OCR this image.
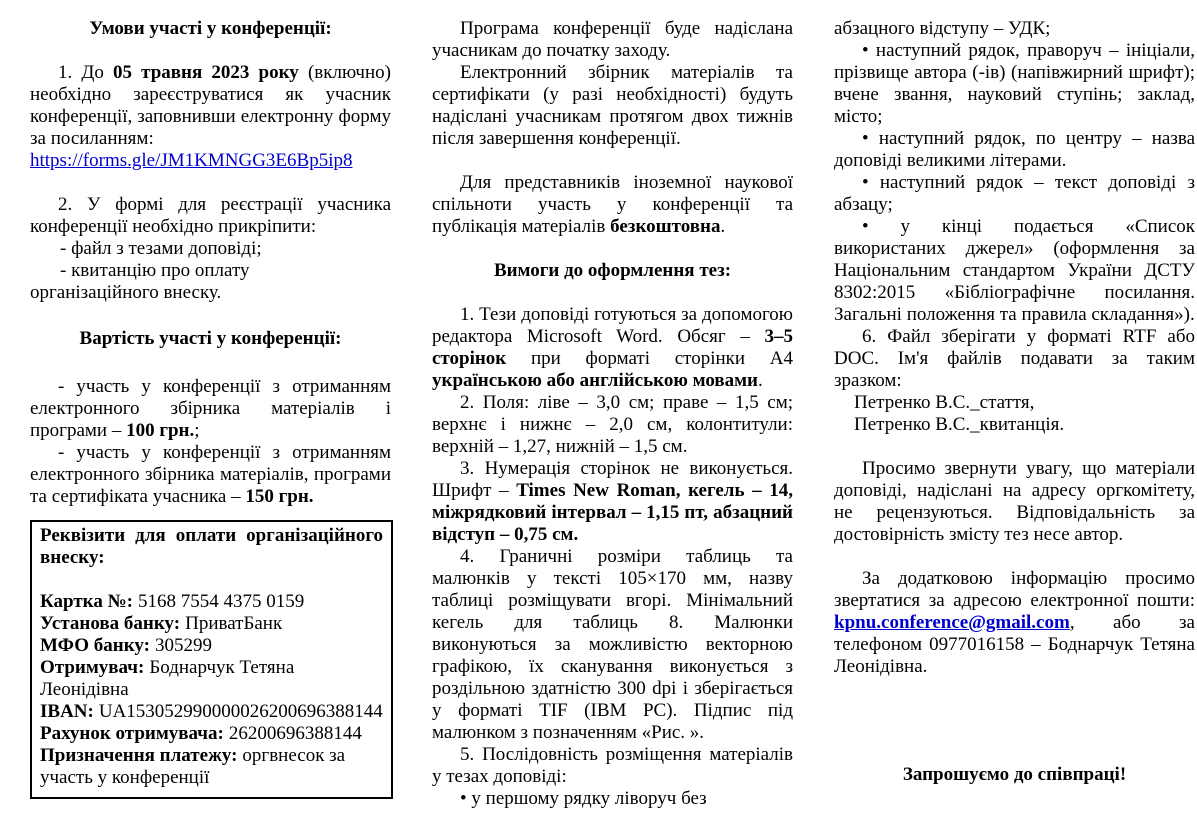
Умови участі у конференції:

1. До 05 травня 2023 року (включно) необхідно зареєструватися як учасник конференції, заповнивши електронну форму за посиланням:

https://forms.gle/JM1KMNGG3E6Bp5ip8

2. У формі для реєстрації учасника конференції необхідно прикріпити:

- файл з тезами доповіді;

- квитанцію про оплату

організаційного внеску.

Вартість участі у конференції:

- участь у конференції з отриманням електронного збірника матеріалів і програми – 100 грн.;

- участь у конференції з отриманням електронного збірника матеріалів, програми та сертифіката учасника – 150 грн.

Реквізити для оплати організаційного внеску:

Картка №: 5168 7554 4375 0159

Установа банку: ПриватБанк

МФО банку: 305299

Отримувач: Боднарчук Тетяна Леонідівна

IBAN: UA153052990000026200696388144

Рахунок отримувача: 26200696388144

Призначення платежу: оргвнесок за участь у конференції

Програма конференції буде надіслана учасникам до початку заходу.

Електронний збірник матеріалів та сертифікати (у разі необхідності) будуть надіслані учасникам протягом двох тижнів після завершення конференції.

Для представників іноземної наукової спільноти участь у конференції та публікація матеріалів безкоштовна.

Вимоги до оформлення тез:

1. Тези доповіді готуються за допомогою редактора Microsoft Word. Обсяг – 3–5 сторінок при форматі сторінки А4 українською або англійською мовами.

2. Поля: ліве – 3,0 см; праве – 1,5 см; верхнє і нижнє – 2,0 см, колонтитули: верхній – 1,27, нижній – 1,5 см.

3. Нумерація сторінок не виконується. Шрифт – Times New Roman, кегель – 14, міжрядковий інтервал – 1,15 пт, абзацний відступ – 0,75 см.

4. Граничні розміри таблиць та малюнків у тексті 105×170 мм, назву таблиці розміщувати вгорі. Мінімальний кегель для таблиць 8. Малюнки виконуються за можливістю векторною графікою, їх сканування виконується з роздільною здатністю 300 dpi і зберігається у форматі TIF (IBM PC). Підпис під малюнком з позначенням «Рис. ».

5. Послідовність розміщення матеріалів у тезах доповіді:

• у першому рядку ліворуч без

абзацного відступу – УДК;

• наступний рядок, праворуч – ініціали, прізвище автора (-ів) (напівжирний шрифт); вчене звання, науковий ступінь; заклад, місто;

• наступний рядок, по центру – назва доповіді великими літерами.

• наступний рядок – текст доповіді з абзацу;

• у кінці подається «Список використаних джерел» (оформлення за Національним стандартом України ДСТУ 8302:2015 «Бібліографічне посилання. Загальні положення та правила складання»).

6. Файл зберігати у форматі RTF або DOC. Ім'я файлів подавати за таким зразком:

Петренко В.С._стаття,

Петренко В.С._квитанція.

Просимо звернути увагу, що матеріали доповіді, надіслані на адресу оргкомітету, не рецензуються. Відповідальність за достовірність змісту тез несе автор.

За додатковою інформацію просимо звертатися за адресою електронної пошти: kpnu.conference@gmail.com, або за телефоном 0977016158 – Боднарчук Тетяна Леонідівна.

Запрошуємо до співпраці!
